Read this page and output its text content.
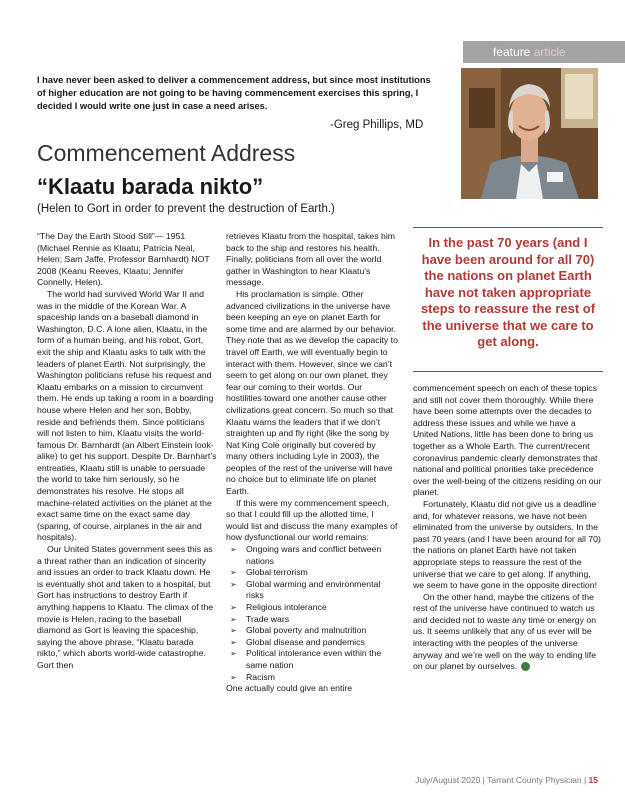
feature article
I have never been asked to deliver a commencement address, but since most institutions of higher education are not going to be having commencement exercises this spring, I decided I would write one just in case a need arises.
-Greg Phillips, MD
Commencement Address
“Klaatu barada nikto”
(Helen to Gort in order to prevent the destruction of Earth.)

“The Day the Earth Stood Still”— 1951 (Michael Rennie as Klaatu; Patricia Neal, Helen; Sam Jaffe, Professor Barnhardt) NOT 2008 (Keanu Reeves, Klaatu; Jennifer Connelly, Helen).

The world had survived World War II and was in the middle of the Korean War. A spaceship lands on a baseball diamond in Washington, D.C. A lone alien, Klaatu, in the form of a human being, and his robot, Gort, exit the ship and Klaatu asks to talk with the leaders of planet Earth. Not surprisingly, the Washington politicians refuse his request and Klaatu embarks on a mission to circumvent them. He ends up taking a room in a boarding house where Helen and her son, Bobby, reside and befriends them. Since politicians will not listen to him, Klaatu visits the world-famous Dr. Barnhardt (an Albert Einstein look-alike) to get his support. Despite Dr. Barnhart’s entreaties, Klaatu still is unable to persuade the world to take him seriously, so he demonstrates his resolve. He stops all machine-related activities on the planet at the exact same time on the exact same day (sparing, of course, airplanes in the air and hospitals).

Our United States government sees this as a threat rather than an indication of sincerity and issues an order to track Klaatu down. He is eventually shot and taken to a hospital, but Gort has instructions to destroy Earth if anything happens to Klaatu. The climax of the movie is Helen, racing to the baseball diamond as Gort is leaving the spaceship, saying the above phrase, “Klaatu barada nikto,” which aborts world-wide catastrophe. Gort then

retrieves Klaatu from the hospital, takes him back to the ship and restores his health. Finally, politicians from all over the world gather in Washington to hear Klaatu’s message.

His proclamation is simple. Other advanced civilizations in the universe have been keeping an eye on planet Earth for some time and are alarmed by our behavior. They note that as we develop the capacity to travel off Earth, we will eventually begin to interact with them. However, since we can’t seem to get along on our own planet, they fear our coming to their worlds. Our hostilities toward one another cause other civilizations great concern. So much so that Klaatu warns the leaders that if we don’t straighten up and fly right (like the song by Nat King Cole originally but covered by many others including Lyle in 2003), the peoples of the rest of the universe will have no choice but to eliminate life on planet Earth.

If this were my commencement speech, so that I could fill up the allotted time, I would list and discuss the many examples of how dysfunctional our world remains:

➢ Ongoing wars and conflict between nations
➢ Global terrorism
➢ Global warming and environmental risks
➢ Religious intolerance
➢ Trade wars
➢ Global poverty and malnutrition
➢ Global disease and pandemics
➢ Political intolerance even within the same nation
➢ Racism

One actually could give an entire

In the past 70 years (and I have been around for all 70) the nations on planet Earth have not taken appropriate steps to reassure the rest of the universe that we care to get along.

commencement speech on each of these topics and still not cover them thoroughly. While there have been some attempts over the decades to address these issues and while we have a United Nations, little has been done to bring us together as a Whole Earth. The current/recent coronavirus pandemic clearly demonstrates that national and political priorities take precedence over the well-being of the citizens residing on our planet.

Fortunately, Klaatu did not give us a deadline and, for whatever reasons, we have not been eliminated from the universe by outsiders. In the past 70 years (and I have been around for all 70) the nations on planet Earth have not taken appropriate steps to reassure the rest of the universe that we care to get along. If anything, we seem to have gone in the opposite direction!

On the other hand, maybe the citizens of the rest of the universe have continued to watch us and decided not to waste any time or energy on us. It seems unlikely that any of us ever will be interacting with the peoples of the universe anyway and we’re well on the way to ending life on our planet by ourselves.

July/August 2020 | Tarrant County Physician | 15
